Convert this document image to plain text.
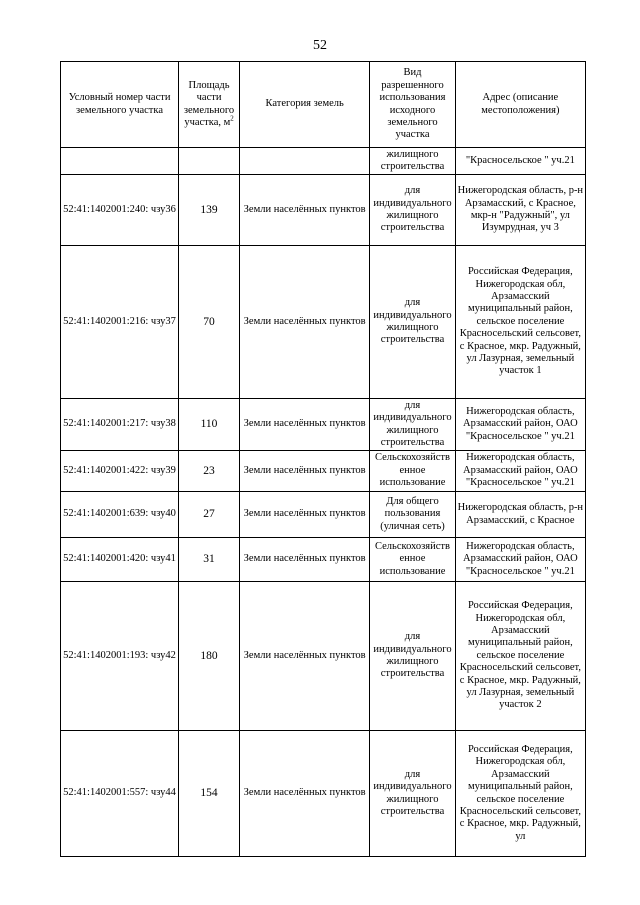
52
Условный номер части земельного участка	Площадь части земельного участка, $м^2$	Категория земель	Вид разрешенного использования исходного земельного участка	Адрес (описание местоположения)
			жилищного строительства	"Красносельское " уч.21
52:41:1402001:240: чзу36	139	Земли населённых пунктов	для индивидуального жилищного строительства	Нижегородская область, р-н Арзамасский, с Красное, мкр-н "Радужный", ул Изумрудная, уч 3
52:41:1402001:216: чзу37	70	Земли населённых пунктов	для индивидуального жилищного строительства	Российская Федерация, Нижегородская обл, Арзамасский муниципальный район, сельское поселение Красносельский сельсовет, с Красное, мкр. Радужный, ул Лазурная, земельный участок 1
52:41:1402001:217: чзу38	110	Земли населённых пунктов	для индивидуального жилищного строительства	Нижегородская область, Арзамасский район, ОАО "Красносельское " уч.21
52:41:1402001:422: чзу39	23	Земли населённых пунктов	Сельскохозяйств енное использование	Нижегородская область, Арзамасский район, ОАО "Красносельское " уч.21
52:41:1402001:639: чзу40	27	Земли населённых пунктов	Для общего пользования (уличная сеть)	Нижегородская область, р-н Арзамасский, с Красное
52:41:1402001:420: чзу41	31	Земли населённых пунктов	Сельскохозяйств енное использование	Нижегородская область, Арзамасский район, ОАО "Красносельское " уч.21
52:41:1402001:193: чзу42	180	Земли населённых пунктов	для индивидуального жилищного строительства	Российская Федерация, Нижегородская обл, Арзамасский муниципальный район, сельское поселение Красносельский сельсовет, с Красное, мкр. Радужный, ул Лазурная, земельный участок 2
52:41:1402001:557: чзу44	154	Земли населённых пунктов	для индивидуального жилищного строительства	Российская Федерация, Нижегородская обл, Арзамасский муниципальный район, сельское поселение Красносельский сельсовет, с Красное, мкр. Радужный, ул
